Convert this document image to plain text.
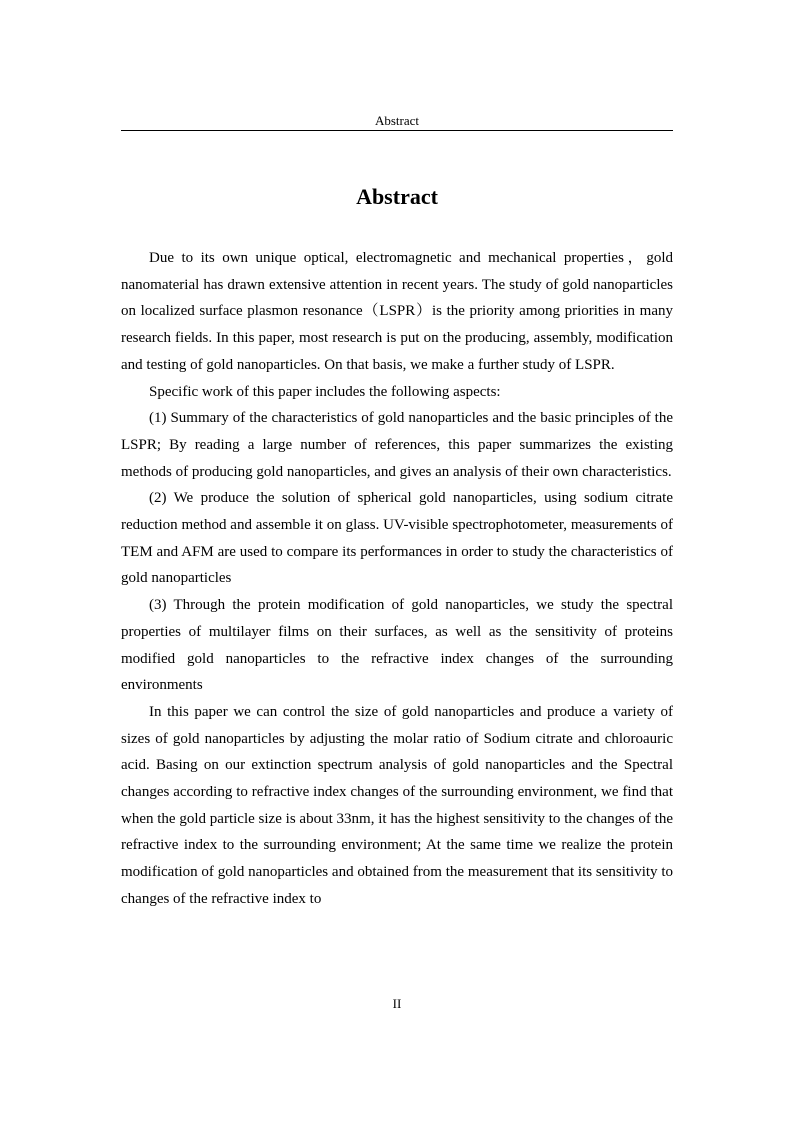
Abstract
Abstract

Due to its own unique optical, electromagnetic and mechanical properties，gold nanomaterial has drawn extensive attention in recent years. The study of gold nanoparticles on localized surface plasmon resonance（LSPR）is the priority among priorities in many research fields. In this paper, most research is put on the producing, assembly, modification and testing of gold nanoparticles. On that basis, we make a further study of LSPR.

Specific work of this paper includes the following aspects:

(1) Summary of the characteristics of gold nanoparticles and the basic principles of the LSPR; By reading a large number of references, this paper summarizes the existing methods of producing gold nanoparticles, and gives an analysis of their own characteristics.

(2) We produce the solution of spherical gold nanoparticles, using sodium citrate reduction method and assemble it on glass. UV-visible spectrophotometer, measurements of TEM and AFM are used to compare its performances in order to study the characteristics of gold nanoparticles

(3) Through the protein modification of gold nanoparticles, we study the spectral properties of multilayer films on their surfaces, as well as the sensitivity of proteins modified gold nanoparticles to the refractive index changes of the surrounding environments

In this paper we can control the size of gold nanoparticles and produce a variety of sizes of gold nanoparticles by adjusting the molar ratio of Sodium citrate and chloroauric acid. Basing on our extinction spectrum analysis of gold nanoparticles and the Spectral changes according to refractive index changes of the surrounding environment, we find that when the gold particle size is about 33nm, it has the highest sensitivity to the changes of the refractive index to the surrounding environment; At the same time we realize the protein modification of gold nanoparticles and obtained from the measurement that its sensitivity to changes of the refractive index to

II
